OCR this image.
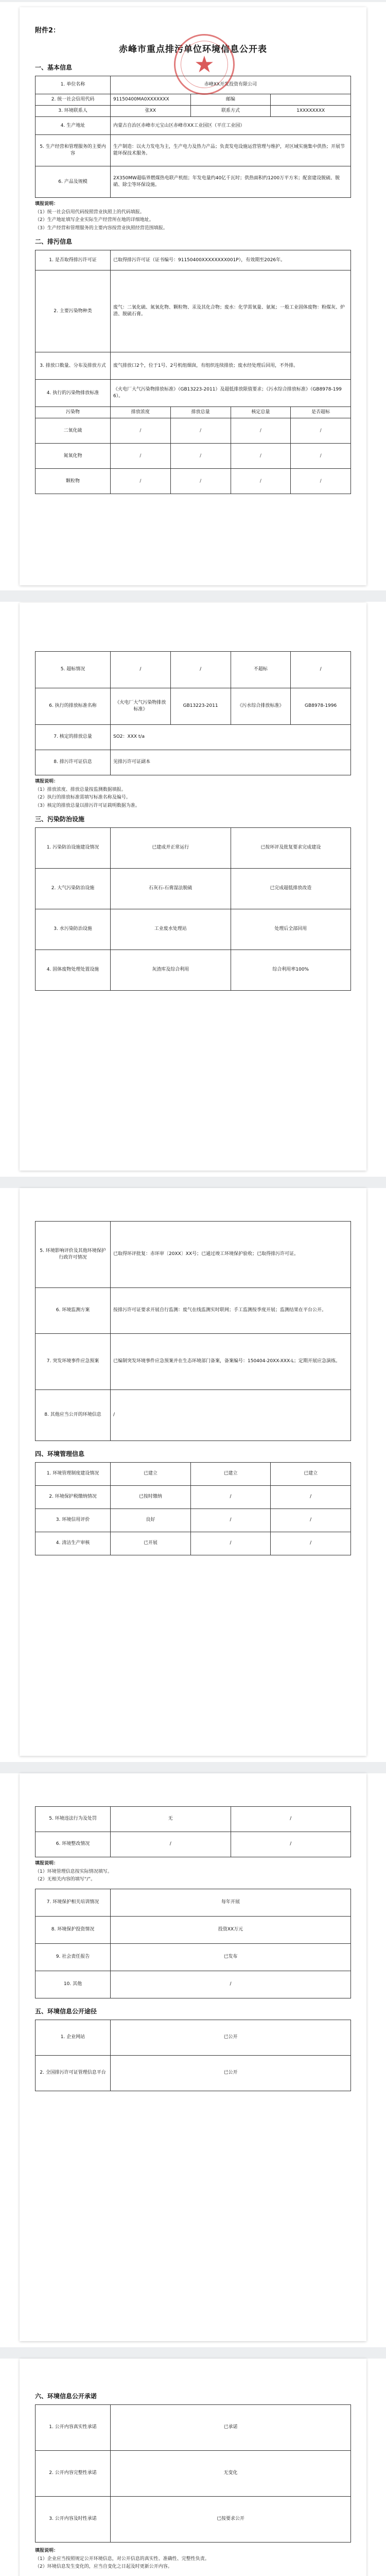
附件2：
赤峰市重点排污单位环境信息公开表
★
一、基本信息
1. 单位名称	赤峰XX开发投资有限公司		
2. 统一社会信用代码	91150400MA0XXXXXXX	邮编	
3. 环境联系人	张XX	联系方式	1XXXXXXXX
4. 生产地址	内蒙古自治区赤峰市元宝山区赤峰市XX工业园区（平庄工业园）		
5. 生产经营和管理服务的主要内容	生产制造：以火力发电为主，生产电力及热力产品；负责发电设施运营管理与维护，对区域实施集中供热；开展节能环保技术服务。		
6. 产品及规模	2X350MW超临界燃煤热电联产机组；年发电量约40亿千瓦时；供热面积约1200万平方米；配套建设脱硫、脱硝、除尘等环保设施。		

填报说明：

（1）统一社会信用代码按照营业执照上的代码填报。

（2）生产地址填写企业实际生产经营所在地的详细地址。

（3）生产经营和管理服务的主要内容按营业执照经营范围填报。

二、排污信息
1. 是否取得排污许可证	已取得排污许可证（证书编号：91150400XXXXXXXX001P），有效期至2026年。
2. 主要污染物种类	废气：二氧化硫、氮氧化物、颗粒物、汞及其化合物；废水：化学需氧量、氨氮；一般工业固体废物：粉煤灰、炉渣、脱硫石膏。
3. 排放口数量、分布及排放方式	废气排放口2个，位于1号、2号机组烟囱，有组织连续排放；废水经处理后回用，不外排。
4. 执行的污染物排放标准	《火电厂大气污染物排放标准》（GB13223-2011）及超低排放限值要求；《污水综合排放标准》（GB8978-1996）。
污染物	排放浓度	排放总量	核定总量	是否超标
二氧化硫	/	/	/	/
氮氧化物	/	/	/	/
颗粒物	/	/	/	/
5. 超标情况	/	/	不超标	/
6. 执行的排放标准名称	《火电厂大气污染物排放标准》	GB13223-2011	《污水综合排放标准》	GB8978-1996
7. 核定的排放总量	SO2：XXX t/a			
8. 排污许可证信息	见排污许可证副本			

填报说明：

（1）排放浓度、排放总量按监测数据填报。

（2）执行的排放标准需填写标准名称及编号。

（3）核定的排放总量以排污许可证载明数据为准。

三、污染防治设施
1. 污染防治设施建设情况	已建成并正常运行	已按环评及批复要求完成建设
2. 大气污染防治设施	石灰石-石膏湿法脱硫	已完成超低排放改造
3. 水污染防治设施	工业废水处理站	处理后全部回用
4. 固体废物处理处置设施	灰渣库及综合利用	综合利用率100%
5. 环境影响评价及其他环境保护行政许可情况	已取得环评批复：赤环审〔20XX〕XX号；已通过竣工环境保护验收；已取得排污许可证。
6. 环境监测方案	按排污许可证要求开展自行监测：废气在线监测实时联网；手工监测按季度开展；监测结果在平台公开。
7. 突发环境事件应急预案	已编制突发环境事件应急预案并在生态环境部门备案，备案编号：150404-20XX-XXX-L；定期开展应急演练。
8. 其他应当公开的环境信息	/
四、环境管理信息
1. 环境管理制度建设情况	已建立	已建立	已建立
2. 环境保护税缴纳情况	已按时缴纳	/	/
3. 环境信用评价	良好	/	/
4. 清洁生产审核	已开展	/	/
5. 环境违法行为及处罚	无	/
6. 环境整改情况	/	/

填报说明：

（1）环境管理信息按实际情况填写。

（2）无相关内容的填写“/”。

7. 环境保护相关培训情况	每年开展
8. 环境保护投资情况	投资XX万元
9. 社会责任报告	已发布
10. 其他	/
五、环境信息公开途径
1. 企业网站	已公开
2. 全国排污许可证管理信息平台	已公开
六、环境信息公开承诺
1. 公开内容真实性承诺	已承诺
2. 公开内容完整性承诺	无变化
3. 公开内容及时性承诺	已按要求公开

填报说明：

（1）企业应当按照规定公开环境信息，对公开信息的真实性、准确性、完整性负责。

（2）环境信息发生变化的，应当自变化之日起及时更新公开内容。
